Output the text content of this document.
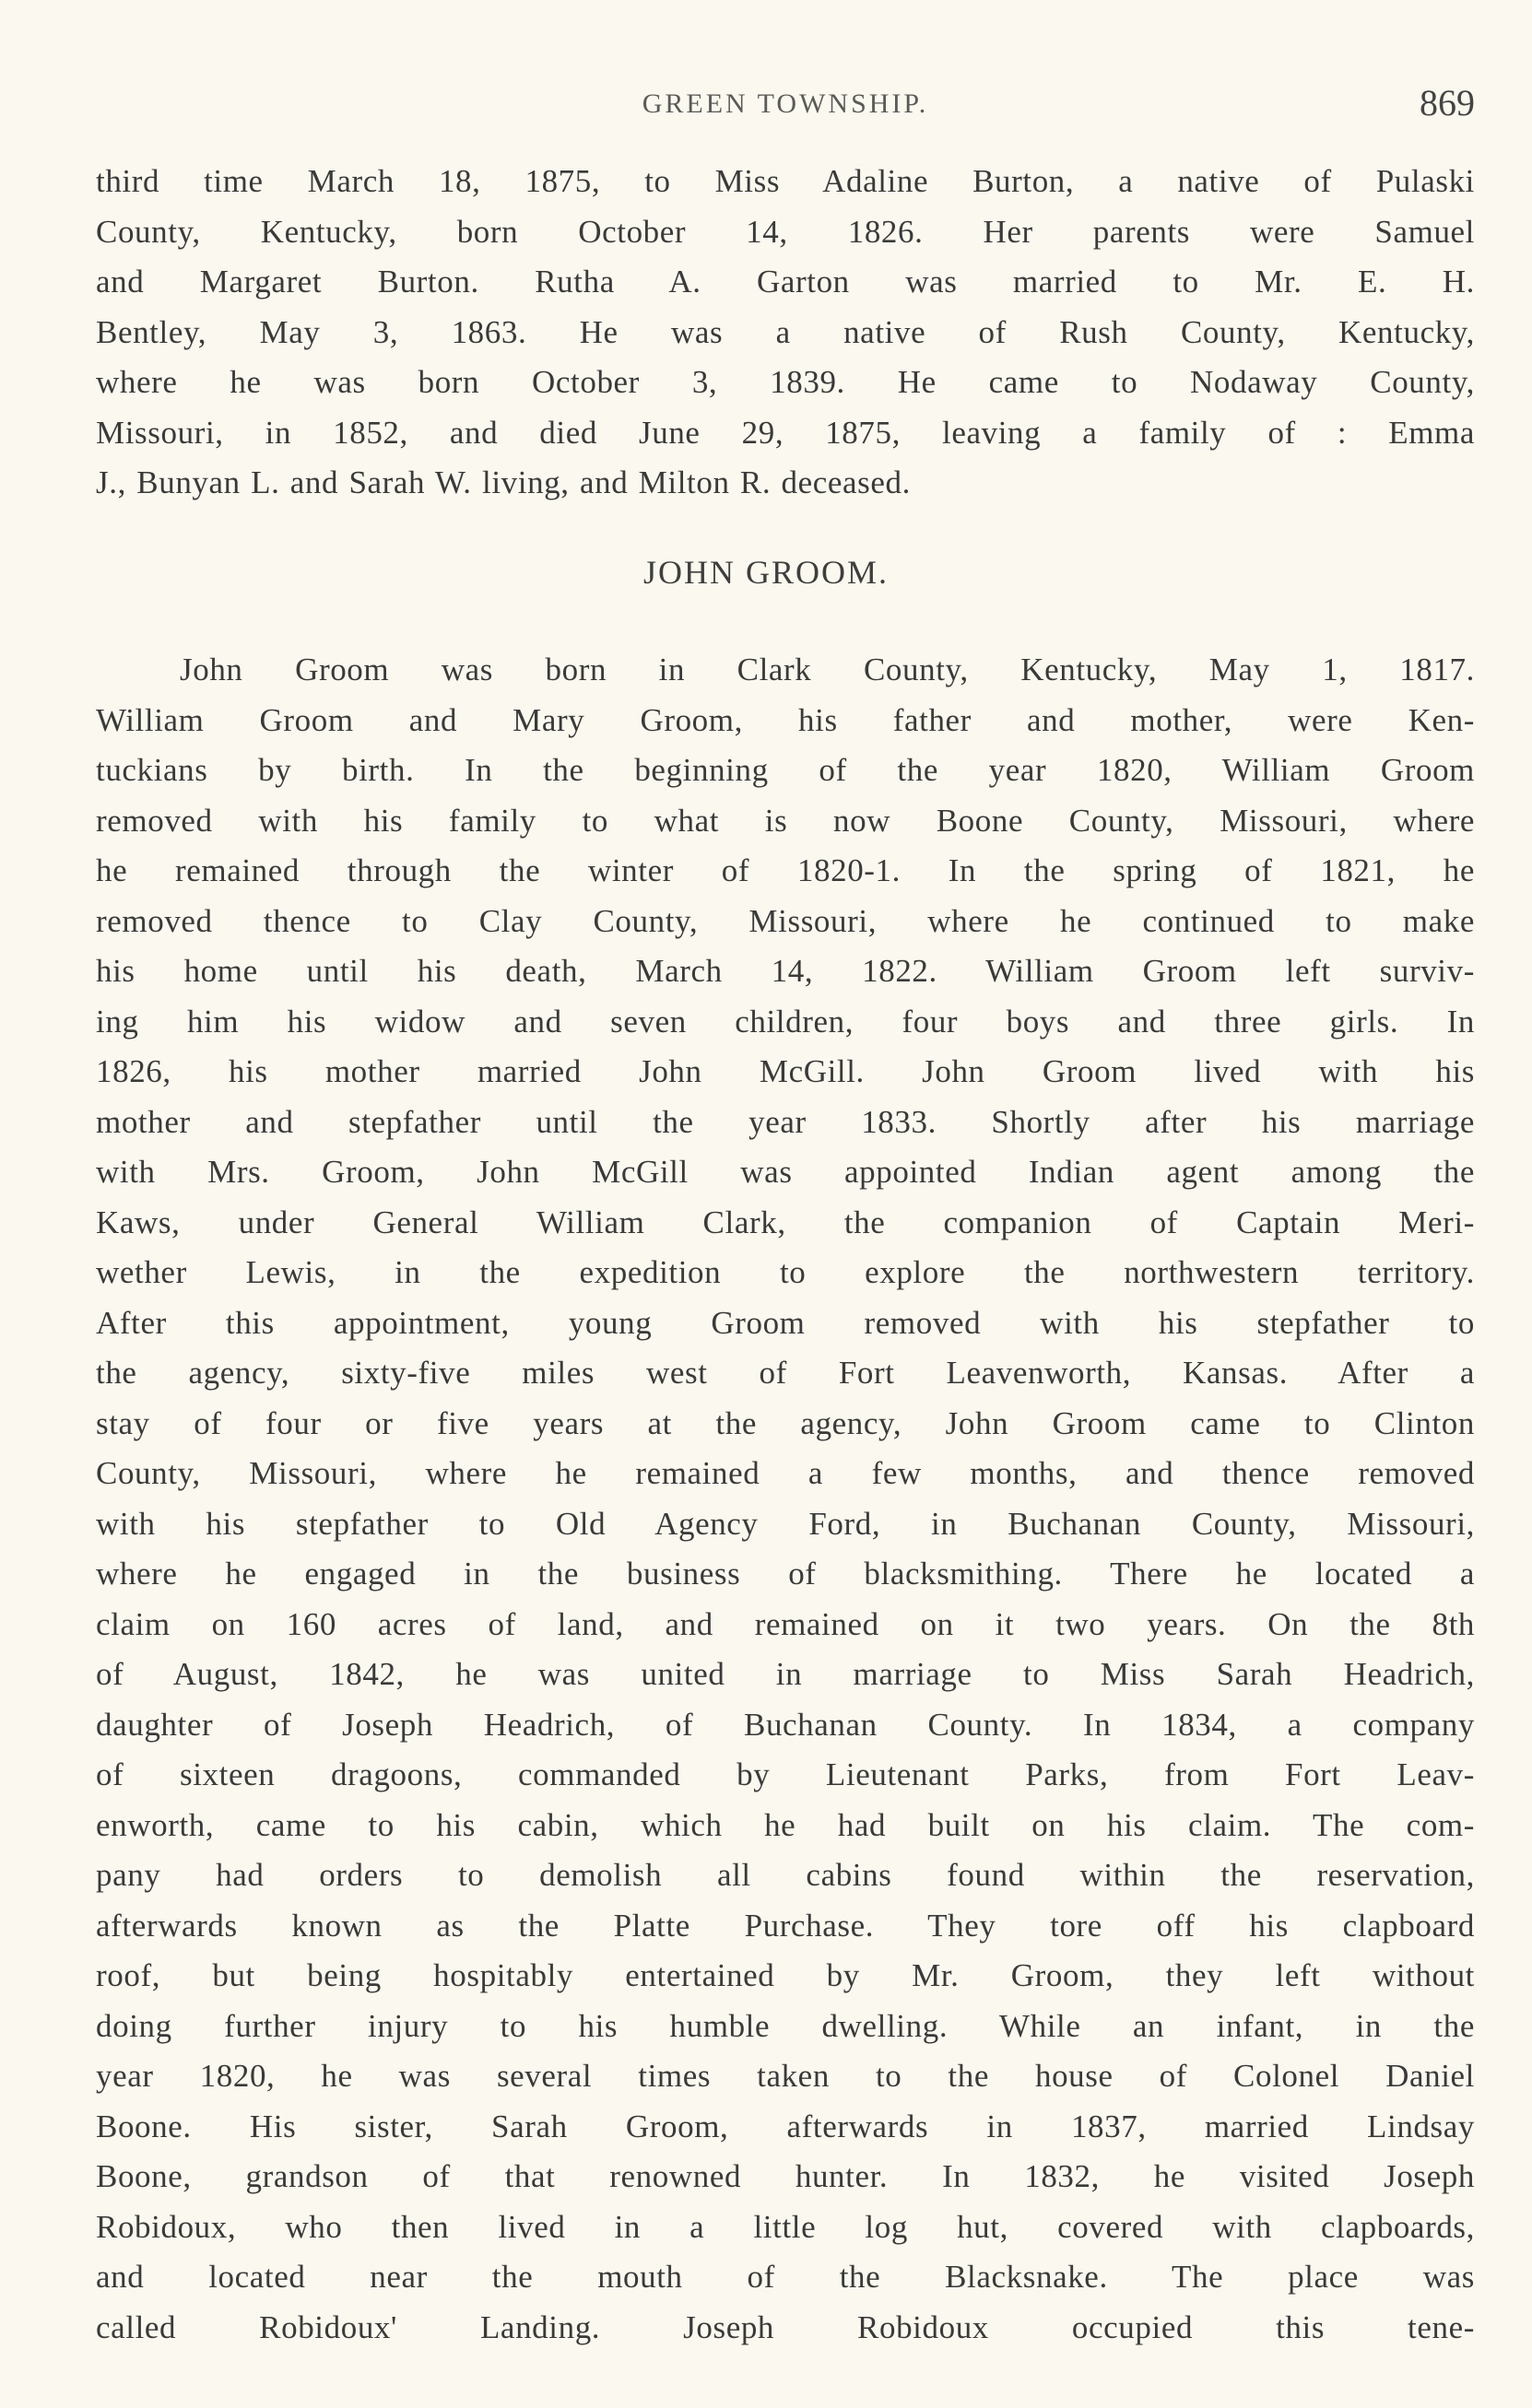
GREEN TOWNSHIP.	869
third time March 18, 1875, to Miss Adaline Burton, a native of Pulaski
County, Kentucky, born October 14, 1826. Her parents were Samuel
and Margaret Burton. Rutha A. Garton was married to Mr. E. H.
Bentley, May 3, 1863. He was a native of Rush County, Kentucky,
where he was born October 3, 1839. He came to Nodaway County,
Missouri, in 1852, and died June 29, 1875, leaving a family of : Emma
J., Bunyan L. and Sarah W. living, and Milton R. deceased.
JOHN GROOM.
John Groom was born in Clark County, Kentucky, May 1, 1817.
William Groom and Mary Groom, his father and mother, were Ken-
tuckians by birth. In the beginning of the year 1820, William Groom
removed with his family to what is now Boone County, Missouri, where
he remained through the winter of 1820-1. In the spring of 1821, he
removed thence to Clay County, Missouri, where he continued to make
his home until his death, March 14, 1822. William Groom left surviv-
ing him his widow and seven children, four boys and three girls. In
1826, his mother married John McGill. John Groom lived with his
mother and stepfather until the year 1833. Shortly after his marriage
with Mrs. Groom, John McGill was appointed Indian agent among the
Kaws, under General William Clark, the companion of Captain Meri-
wether Lewis, in the expedition to explore the northwestern territory.
After this appointment, young Groom removed with his stepfather to
the agency, sixty-five miles west of Fort Leavenworth, Kansas. After a
stay of four or five years at the agency, John Groom came to Clinton
County, Missouri, where he remained a few months, and thence removed
with his stepfather to Old Agency Ford, in Buchanan County, Missouri,
where he engaged in the business of blacksmithing. There he located a
claim on 160 acres of land, and remained on it two years. On the 8th
of August, 1842, he was united in marriage to Miss Sarah Headrich,
daughter of Joseph Headrich, of Buchanan County. In 1834, a company
of sixteen dragoons, commanded by Lieutenant Parks, from Fort Leav-
enworth, came to his cabin, which he had built on his claim. The com-
pany had orders to demolish all cabins found within the reservation,
afterwards known as the Platte Purchase. They tore off his clapboard
roof, but being hospitably entertained by Mr. Groom, they left without
doing further injury to his humble dwelling. While an infant, in the
year 1820, he was several times taken to the house of Colonel Daniel
Boone. His sister, Sarah Groom, afterwards in 1837, married Lindsay
Boone, grandson of that renowned hunter. In 1832, he visited Joseph
Robidoux, who then lived in a little log hut, covered with clapboards,
and located near the mouth of the Blacksnake. The place was
called Robidoux' Landing. Joseph Robidoux occupied this tene-
